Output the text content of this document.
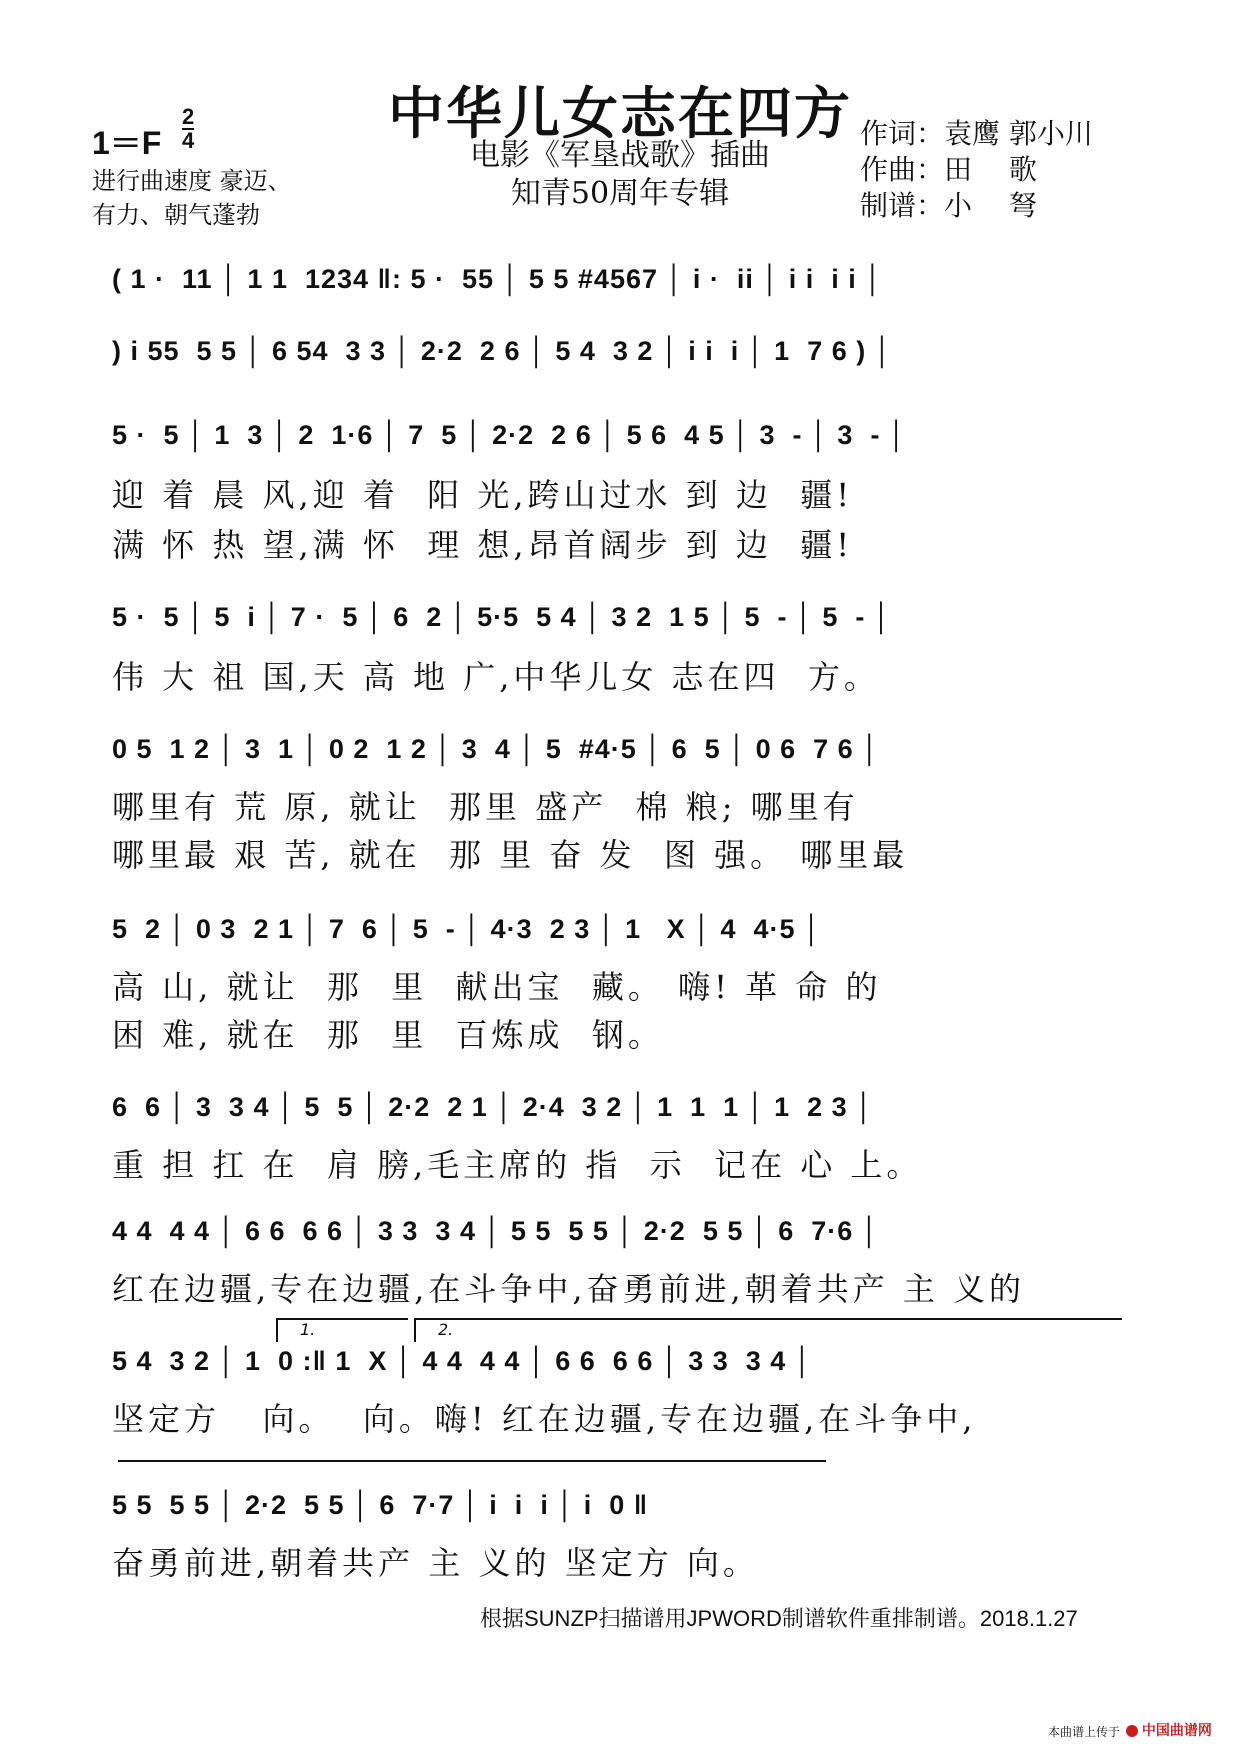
中华儿女志在四方
电影《军垦战歌》插曲
知青50周年专辑
1＝F
2
4
进行曲速度 豪迈、
有力、朝气蓬勃
作词：袁鹰 郭小川
作曲：田　 歌
制谱：小　 弩
( 1 ·  11 │ 1 1  1234 ‖: 5 ·  55 │ 5 5 #4567 │ i ·  ii │ i i  i i │
) i 55  5 5 │ 6 54  3 3 │ 2·2  2 6 │ 5 4  3 2 │ i i  i │ 1  7 6 ) │
5 ·  5 │ 1  3 │ 2  1·6 │ 7  5 │ 2·2  2 6 │ 5 6  4 5 │ 3  - │ 3  - │
迎 着 晨 风,迎 着  阳 光,跨山过水 到 边  疆!
满 怀 热 望,满 怀  理 想,昂首阔步 到 边  疆!
5 ·  5 │ 5  i │ 7 ·  5 │ 6  2 │ 5·5  5 4 │ 3 2  1 5 │ 5  - │ 5  - │
伟 大 祖 国,天 高 地 广,中华儿女 志在四  方。
0 5  1 2 │ 3  1 │ 0 2  1 2 │ 3  4 │ 5  #4·5 │ 6  5 │ 0 6  7 6 │
哪里有 荒 原, 就让  那里 盛产  棉 粮; 哪里有
哪里最 艰 苦, 就在  那 里 奋 发  图 强。 哪里最
5  2 │ 0 3  2 1 │ 7  6 │ 5  - │ 4·3  2 3 │ 1   X │ 4  4·5 │
高 山, 就让  那  里  献出宝  藏。 嗨! 革 命 的
困 难, 就在  那  里  百炼成  钢。
6  6 │ 3  3 4 │ 5  5 │ 2·2  2 1 │ 2·4  3 2 │ 1  1  1 │ 1  2 3 │
重 担 扛 在  肩 膀,毛主席的 指  示  记在 心 上。
4 4  4 4 │ 6 6  6 6 │ 3 3  3 4 │ 5 5  5 5 │ 2·2  5 5 │ 6  7·6 │
红在边疆,专在边疆,在斗争中,奋勇前进,朝着共产 主 义的
1.	2.
5 4  3 2 │ 1  0 :‖ 1  X │ 4 4  4 4 │ 6 6  6 6 │ 3 3  3 4 │
坚定方   向。  向。嗨! 红在边疆,专在边疆,在斗争中,
5 5  5 5 │ 2·2  5 5 │ 6  7·7 │ i  i  i │ i  0 ‖
奋勇前进,朝着共产 主 义的 坚定方 向。
根据SUNZP扫描谱用JPWORD制谱软件重排制谱。2018.1.27
本曲谱上传于	中国曲谱网
